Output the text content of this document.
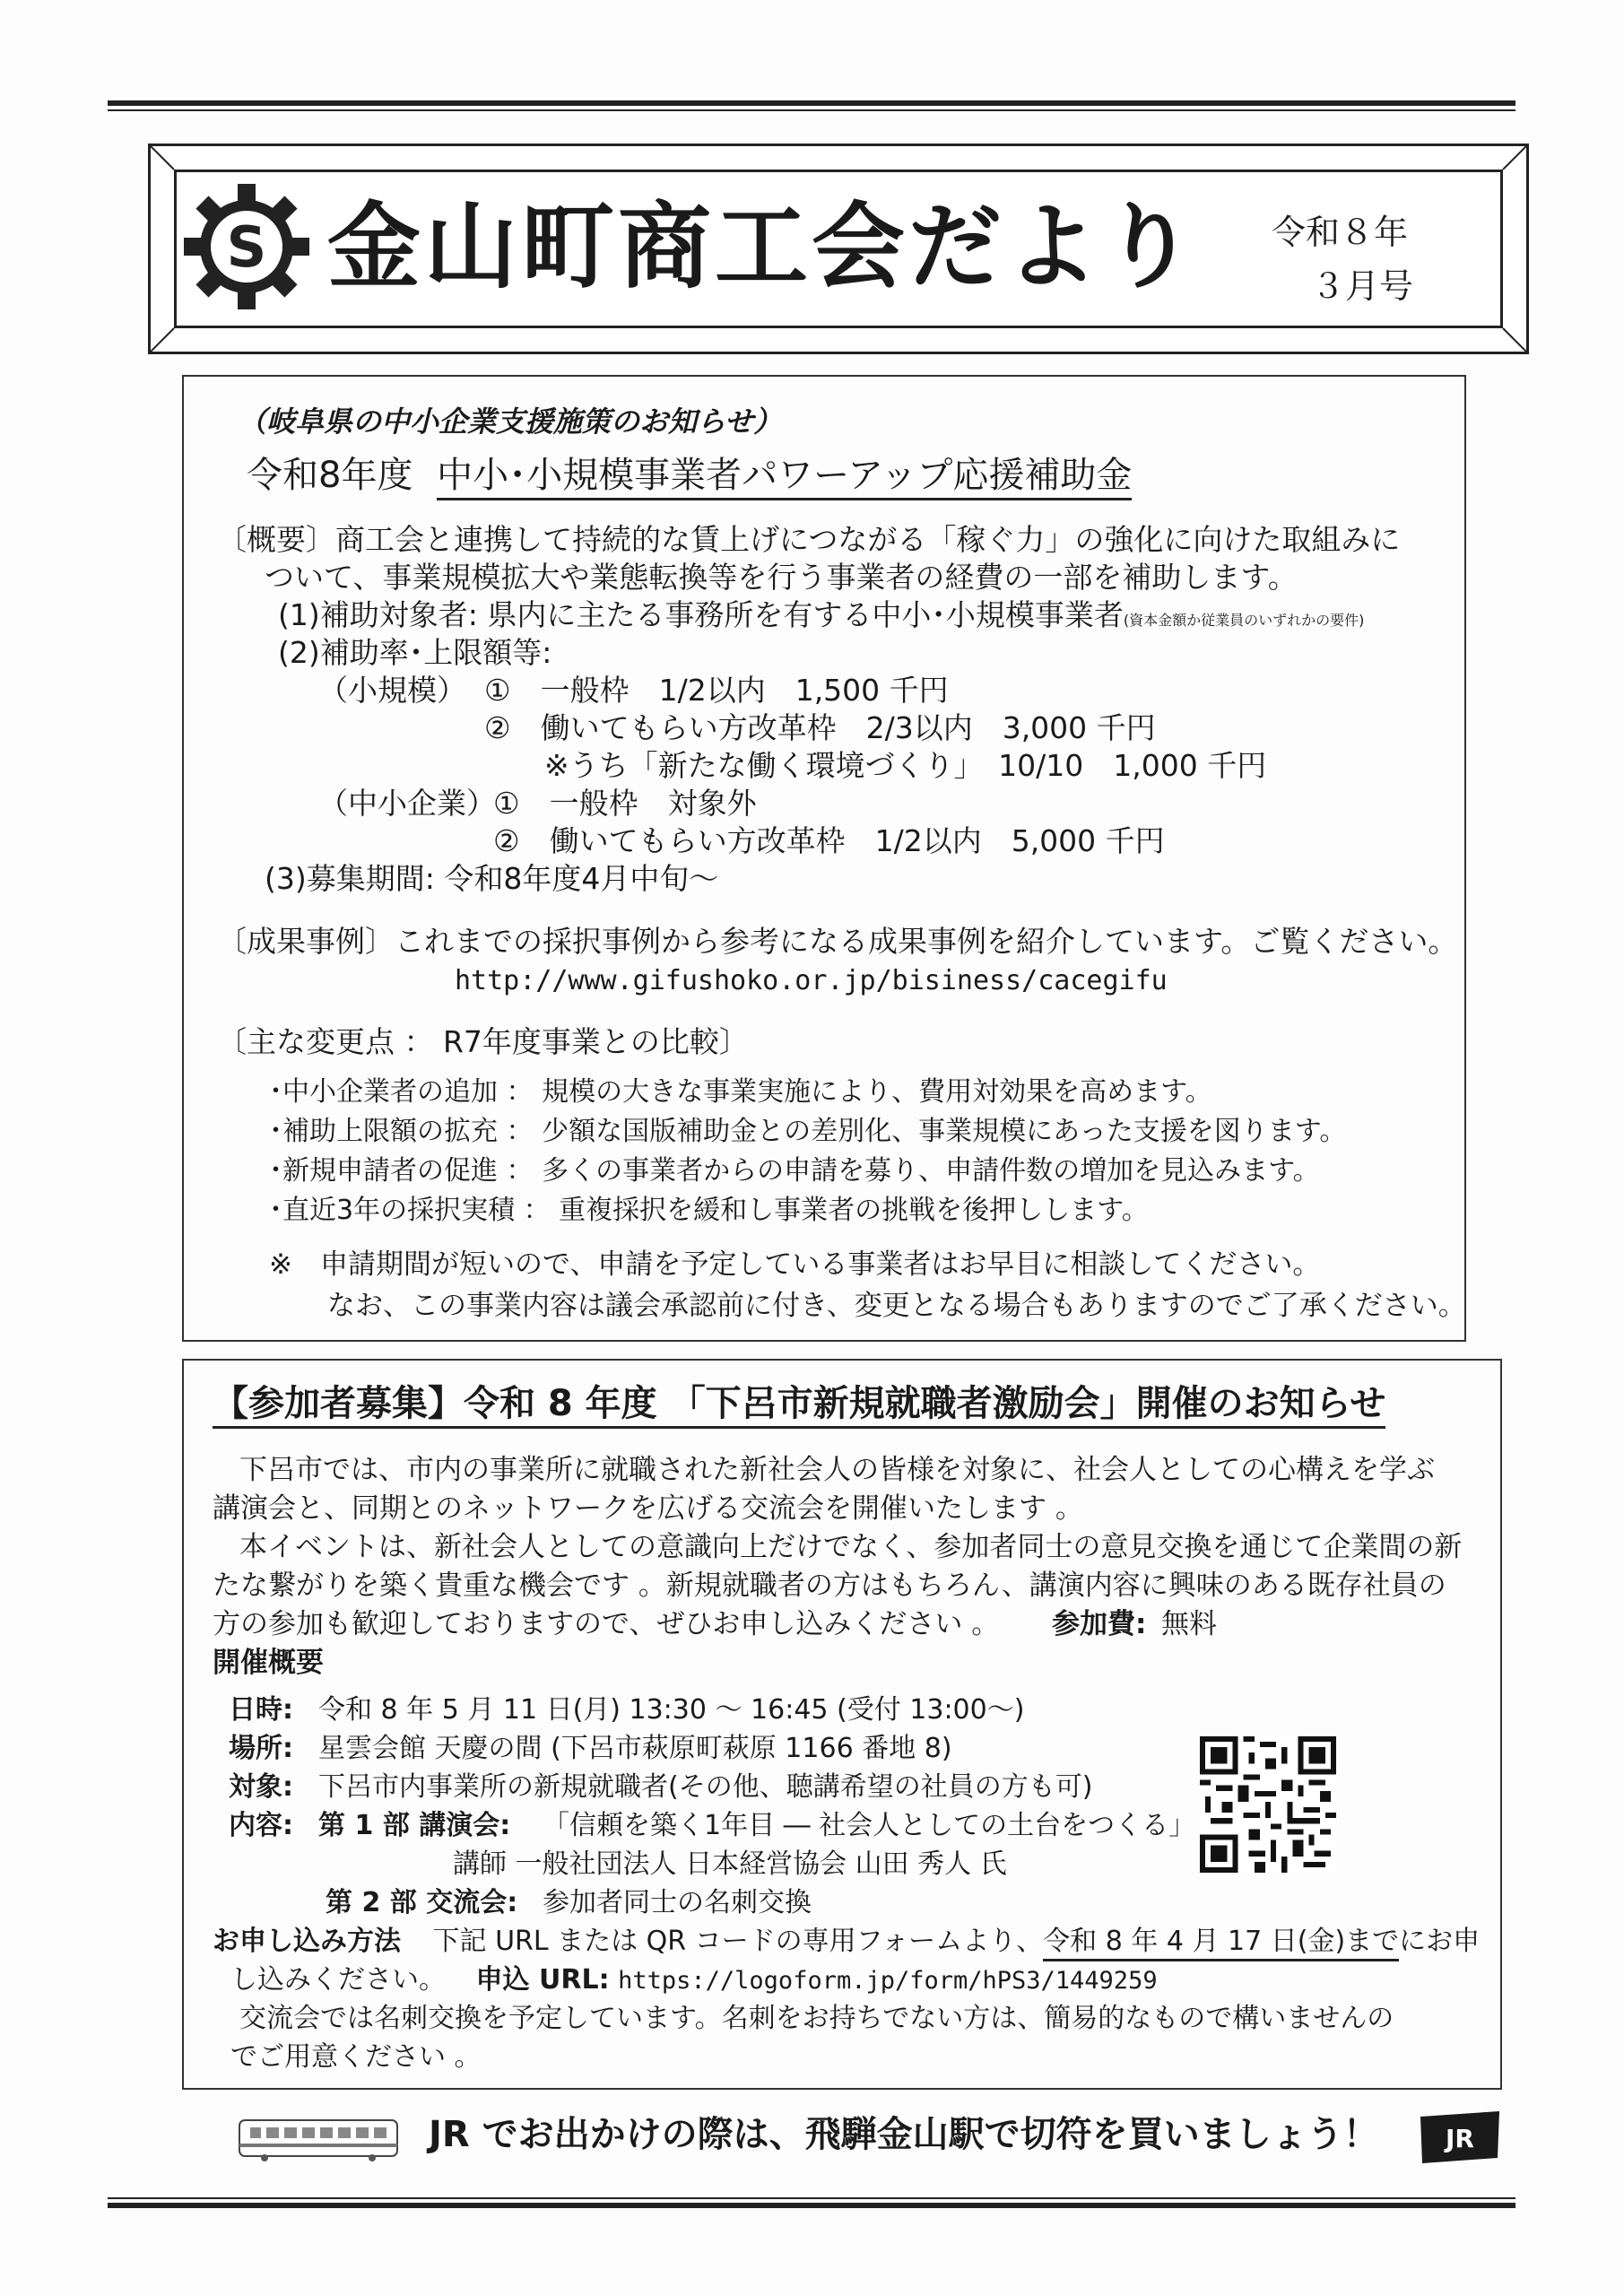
S 金山町商工会だより 令和８年
３月号
（岐阜県の中小企業支援施策のお知らせ）
令和8年度 中小･小規模事業者パワーアップ応援補助金
〔概要〕商工会と連携して持続的な賃上げにつながる「稼ぐ力」の強化に向けた取組みに
ついて、事業規模拡大や業態転換等を行う事業者の経費の一部を補助します。
(1)補助対象者: 県内に主たる事務所を有する中小･小規模事業者(資本金額か従業員のいずれかの要件)
(2)補助率･上限額等:
（小規模） ①　一般枠　1/2以内　1,500 千円
②　働いてもらい方改革枠　2/3以内　3,000 千円
※うち「新たな働く環境づくり」　10/10　1,000 千円
（中小企業）
①　一般枠　対象外
②　働いてもらい方改革枠　1/2以内　5,000 千円
(3)募集期間: 令和8年度4月中旬～
〔成果事例〕これまでの採択事例から参考になる成果事例を紹介しています。ご覧ください。
http://www.gifushoko.or.jp/bisiness/cacegifu
〔主な変更点 ： R7年度事業との比較〕
･中小企業者の追加 ： 規模の大きな事業実施により、費用対効果を高めます。
･補助上限額の拡充 ： 少額な国版補助金との差別化、事業規模にあった支援を図ります。
･新規申請者の促進 ： 多くの事業者からの申請を募り、申請件数の増加を見込みます。
･直近3年の採択実積 ： 重複採択を緩和し事業者の挑戦を後押しします。
※　申請期間が短いので、申請を予定している事業者はお早目に相談してください。
なお、この事業内容は議会承認前に付き、変更となる場合もありますのでご了承ください。
【参加者募集】令和 8 年度 「下呂市新規就職者激励会」開催のお知らせ
下呂市では、市内の事業所に就職された新社会人の皆様を対象に、社会人としての心構えを学ぶ
講演会と、同期とのネットワークを広げる交流会を開催いたします 。
本イベントは、新社会人としての意識向上だけでなく、参加者同士の意見交換を通じて企業間の新
たな繋がりを築く貴重な機会です 。新規就職者の方はもちろん、講演内容に興味のある既存社員の
方の参加も歓迎しておりますので、ぜひお申し込みください 。 参加費: 無料
開催概要
日時: 令和 8 年 5 月 11 日(月) 13:30 ～ 16:45 (受付 13:00～)
場所: 星雲会館 天慶の間 (下呂市萩原町萩原 1166 番地 8)
対象: 下呂市内事業所の新規就職者(その他、聴講希望の社員の方も可)
内容: 第 1 部 講演会: 「信頼を築く1年目 ― 社会人としての土台をつくる」
講師 一般社団法人 日本経営協会 山田 秀人 氏
第 2 部 交流会: 参加者同士の名刺交換
お申し込み方法 下記 URL または QR コードの専用フォームより、令和 8 年 4 月 17 日(金)までにお申
し込みください。 申込 URL: https://logoform.jp/form/hPS3/1449259
交流会では名刺交換を予定しています。名刺をお持ちでない方は、簡易的なもので構いませんの
でご用意ください 。
JR でお出かけの際は、飛騨金山駅で切符を買いましょう！	JR
